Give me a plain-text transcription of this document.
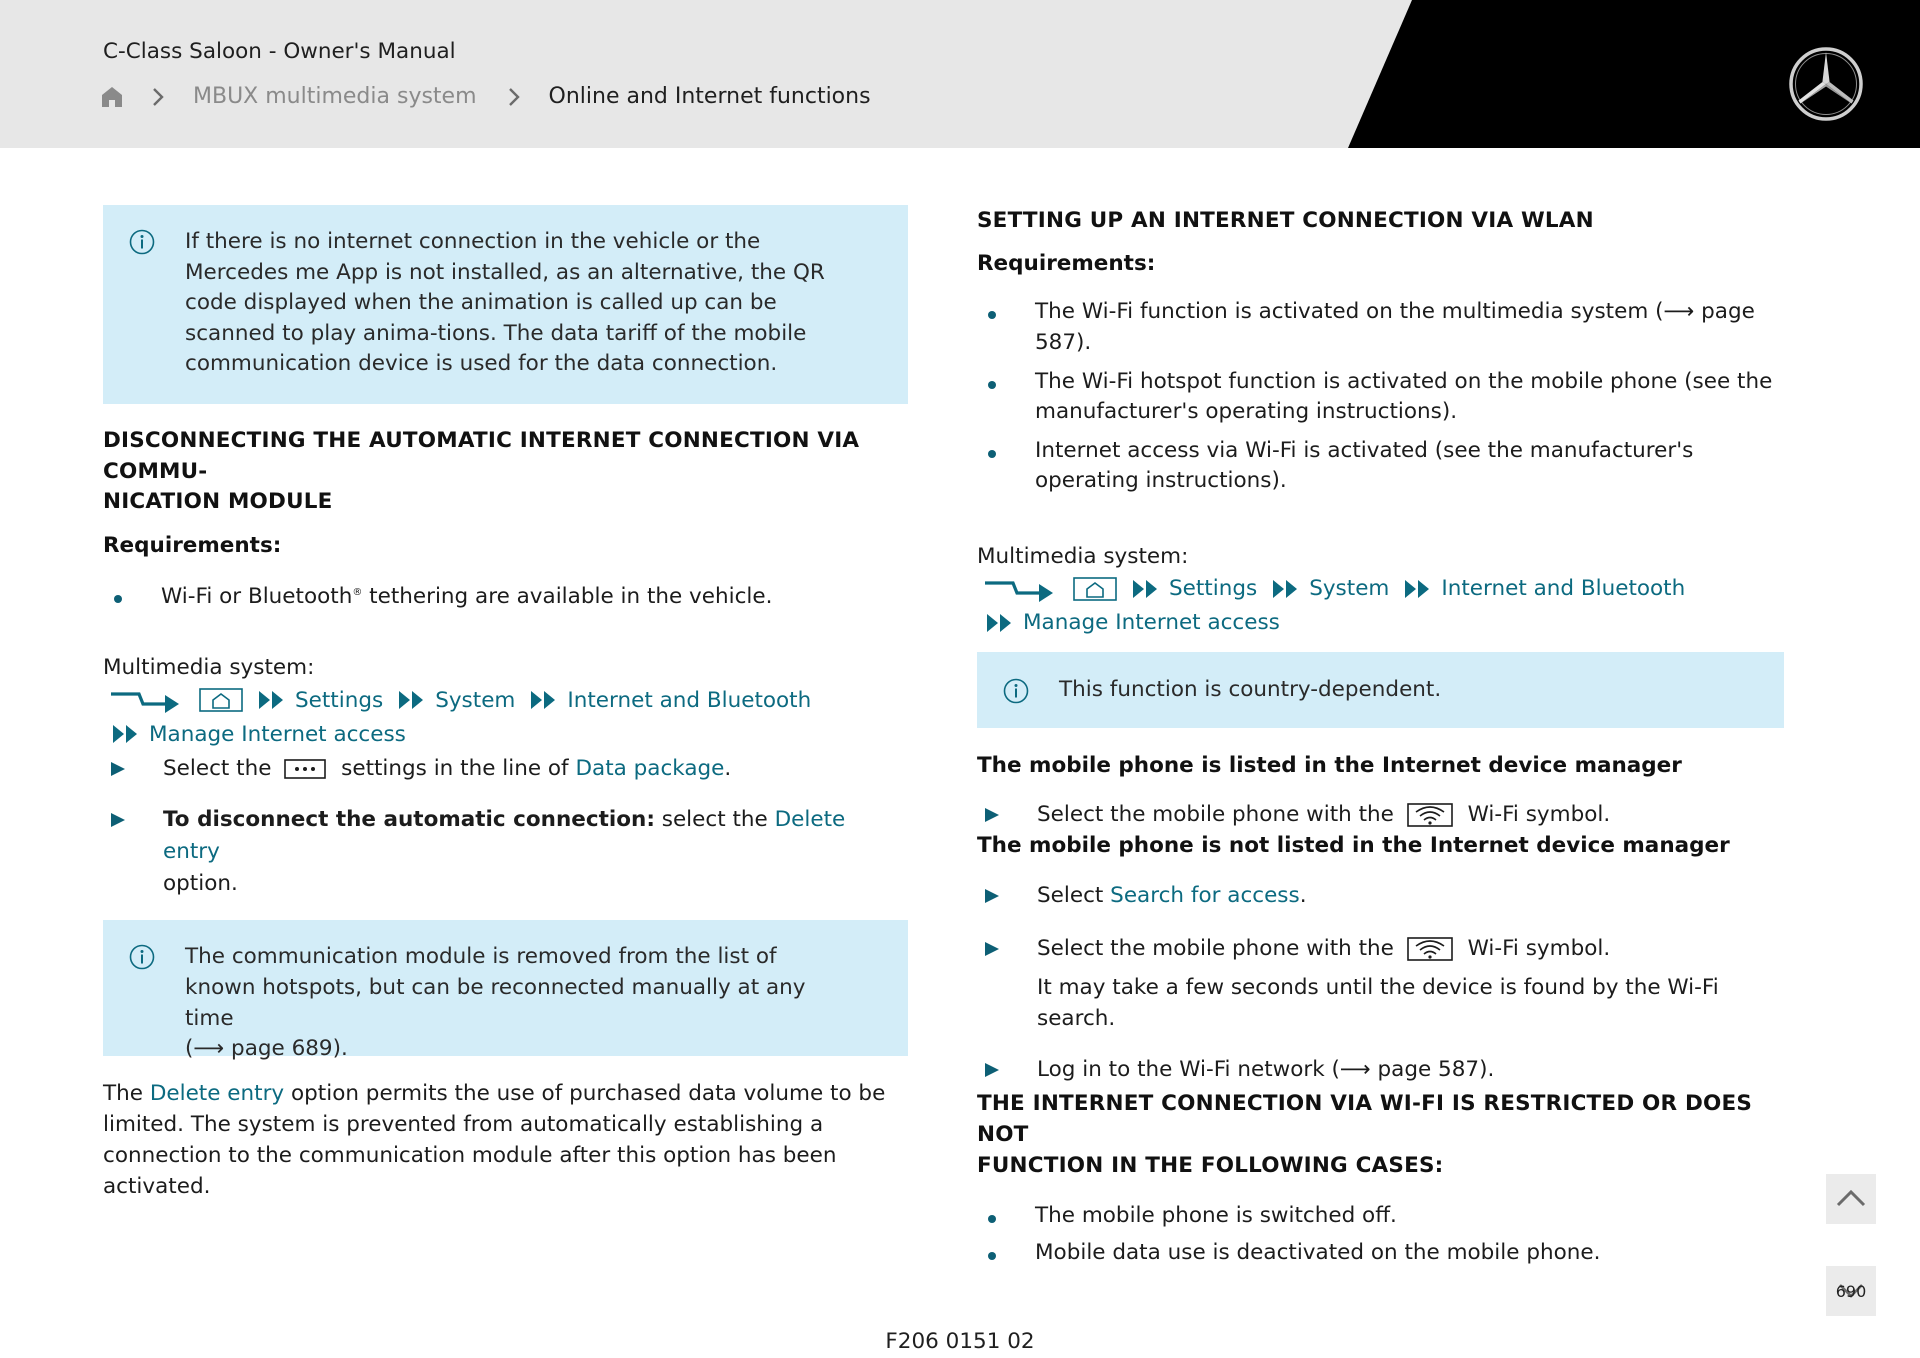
C-Class Saloon - Owner's Manual
MBUX multimedia system	Online and Internet functions
If there is no internet connection in the vehicle or the Mercedes me App is not installed, as an alternative, the QR code displayed when the animation is called up can be scanned to play anima-tions. The data tariff of the mobile communication device is used for the data connection.
DISCONNECTING THE AUTOMATIC INTERNET CONNECTION VIA COMMU-
NICATION MODULE
Requirements:
Wi-Fi or Bluetooth® tethering are available in the vehicle.
Multimedia system:
Settings System Internet and Bluetooth
Manage Internet access
Select the	settings in the line of Data package.
To disconnect the automatic connection: select the Delete entry
option.
The communication module is removed from the list of known hotspots, but can be reconnected manually at any time
(⟶ page 689).
The Delete entry option permits the use of purchased data volume to be limited. The system is prevented from automatically establishing a connection to the communication module after this option has been activated.
SETTING UP AN INTERNET CONNECTION VIA WLAN
Requirements:
The Wi-Fi function is activated on the multimedia system (⟶ page 587).
The Wi-Fi hotspot function is activated on the mobile phone (see the manufacturer's operating instructions).
Internet access via Wi-Fi is activated (see the manufacturer's operating instructions).
Multimedia system:
Settings System Internet and Bluetooth
Manage Internet access
This function is country-dependent.
The mobile phone is listed in the Internet device manager
Select the mobile phone with the	Wi-Fi symbol.
The mobile phone is not listed in the Internet device manager
Select Search for access.
Select the mobile phone with the	Wi-Fi symbol.
It may take a few seconds until the device is found by the Wi-Fi search.
Log in to the Wi-Fi network (⟶ page 587).
THE INTERNET CONNECTION VIA WI-FI IS RESTRICTED OR DOES NOT
FUNCTION IN THE FOLLOWING CASES:
The mobile phone is switched off.
Mobile data use is deactivated on the mobile phone.
F206 0151 02
690
